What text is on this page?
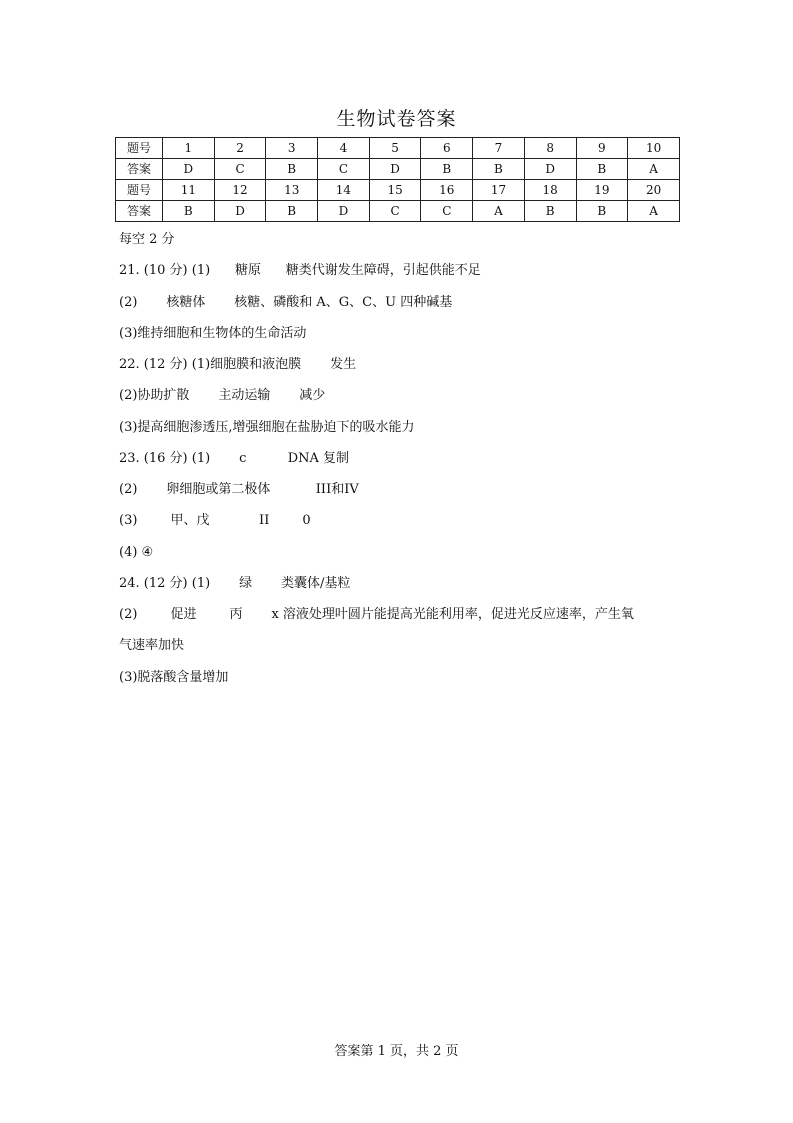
生物试卷答案
题号	1	2	3	4	5	6	7	8	9	10
答案	D	C	B	C	D	B	B	D	B	A
题号	11	12	13	14	15	16	17	18	19	20
答案	B	D	B	D	C	C	A	B	B	A
每空 2 分
21. (10 分) (1)      糖原      糖类代谢发生障碍，引起供能不足
(2)       核糖体       核糖、磷酸和 A、G、C、U 四种碱基
(3)维持细胞和生物体的生命活动
22. (12 分) (1)细胞膜和液泡膜       发生
(2)协助扩散       主动运输       减少
(3)提高细胞渗透压,增强细胞在盐胁迫下的吸水能力
23. (16 分) (1)       c          DNA 复制
(2)       卵细胞或第二极体           III和IV
(3)        甲、戊            II        0
(4) ④
24. (12 分) (1)       绿       类囊体/基粒
(2)        促进        丙       x 溶液处理叶圆片能提高光能利用率，促进光反应速率，产生氧
气速率加快
(3)脱落酸含量增加
答案第 1 页，共 2 页
